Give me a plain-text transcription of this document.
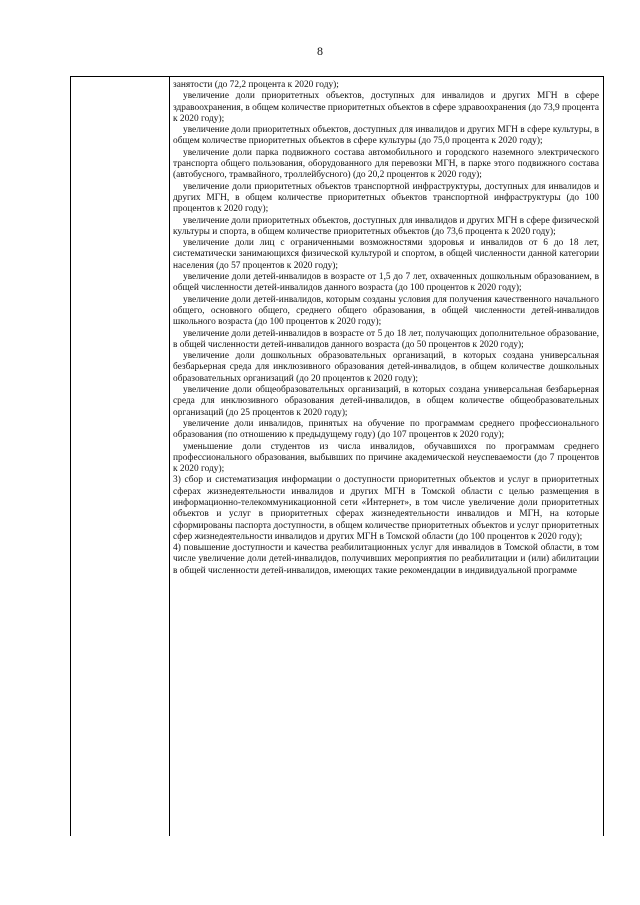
8

занятости (до 72,2 процента к 2020 году);

увеличение доли приоритетных объектов, доступных для инвалидов и других МГН в сфере здравоохранения, в общем количестве приоритетных объектов в сфере здравоохранения (до 73,9 процента к 2020 году);

увеличение доли приоритетных объектов, доступных для инвалидов и других МГН в сфере культуры, в общем количестве приоритетных объектов в сфере культуры (до 75,0 процента к 2020 году);

увеличение доли парка подвижного состава автомобильного и городского наземного электрического транспорта общего пользования, оборудованного для перевозки МГН, в парке этого подвижного состава (автобусного, трамвайного, троллейбусного) (до 20,2 процентов к 2020 году);

увеличение доли приоритетных объектов транспортной инфраструктуры, доступных для инвалидов и других МГН, в общем количестве приоритетных объектов транспортной инфраструктуры (до 100 процентов к 2020 году);

увеличение доли приоритетных объектов, доступных для инвалидов и других МГН в сфере физической культуры и спорта, в общем количестве приоритетных объектов (до 73,6 процента к 2020 году);

увеличение доли лиц с ограниченными возможностями здоровья и инвалидов от 6 до 18 лет, систематически занимающихся физической культурой и спортом, в общей численности данной категории населения (до 57 процентов к 2020 году);

увеличение доли детей-инвалидов в возрасте от 1,5 до 7 лет, охваченных дошкольным образованием, в общей численности детей-инвалидов данного возраста (до 100 процентов к 2020 году);

увеличение доли детей-инвалидов, которым созданы условия для получения качественного начального общего, основного общего, среднего общего образования, в общей численности детей-инвалидов школьного возраста (до 100 процентов к 2020 году);

увеличение доли детей-инвалидов в возрасте от 5 до 18 лет, получающих дополнительное образование, в общей численности детей-инвалидов данного возраста (до 50 процентов к 2020 году);

увеличение доли дошкольных образовательных организаций, в которых создана универсальная безбарьерная среда для инклюзивного образования детей-инвалидов, в общем количестве дошкольных образовательных организаций (до 20 процентов к 2020 году);

увеличение доли общеобразовательных организаций, в которых создана универсальная безбарьерная среда для инклюзивного образования детей-инвалидов, в общем количестве общеобразовательных организаций (до 25 процентов к 2020 году);

увеличение доли инвалидов, принятых на обучение по программам среднего профессионального образования (по отношению к предыдущему году) (до 107 процентов к 2020 году);

уменьшение доли студентов из числа инвалидов, обучавшихся по программам среднего профессионального образования, выбывших по причине академической неуспеваемости (до 7 процентов к 2020 году);

3) сбор и систематизация информации о доступности приоритетных объектов и услуг в приоритетных сферах жизнедеятельности инвалидов и других МГН в Томской области с целью размещения в информационно-телекоммуникационной сети «Интернет», в том числе увеличение доли приоритетных объектов и услуг в приоритетных сферах жизнедеятельности инвалидов и МГН, на которые сформированы паспорта доступности, в общем количестве приоритетных объектов и услуг приоритетных сфер жизнедеятельности инвалидов и других МГН в Томской области (до 100 процентов к 2020 году);

4) повышение доступности и качества реабилитационных услуг для инвалидов в Томской области, в том числе увеличение доли детей-инвалидов, получивших мероприятия по реабилитации и (или) абилитации в общей численности детей-инвалидов, имеющих такие рекомендации в индивидуальной программе
